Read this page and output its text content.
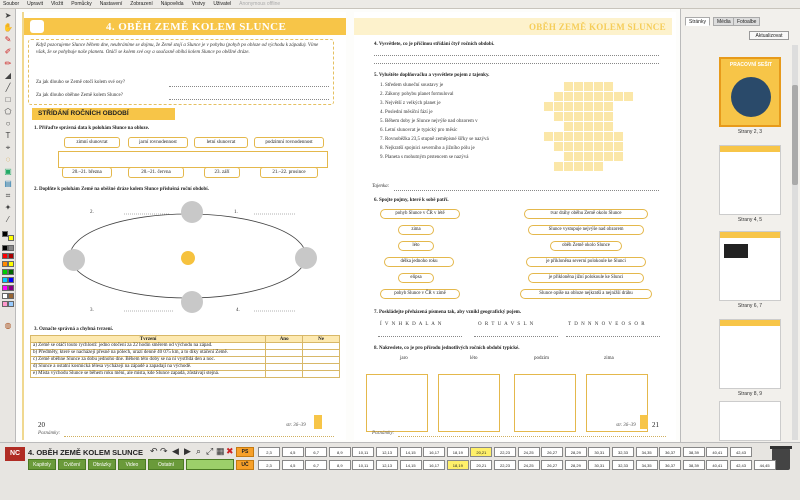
Soubor Upravit Vložit Pomůcky Nastavení Zobrazení Nápověda Vrstvy Uživatel Anonymous offline
➤
✋
✎
✐
✏
◢
╱
□
⬠
○
T
⌖
◌
▣
▤
⌗
✦
⁄
◍
4. OBĚH ZEMĚ KOLEM SLUNCE
Když pozorujeme Slunce během dne, neubráníme se dojmu, že Země stojí a Slunce je v pohybu (pohyb po obloze od východu k západu). Víme však, že se pohybuje naše planeta. Otáčí se kolem své osy a současně obíhá kolem Slunce po oběžné dráze.
Za jak dlouho se Země otočí kolem své osy?
Za jak dlouho oběhne Země kolem Slunce?
STŘÍDÁNÍ ROČNÍCH OBDOBÍ
1. Přiřaďte správná data k polohám Slunce na obloze.
zimní slunovrat	jarní rovnodennost	letní slunovrat	podzimní rovnodennost
20.–21. března	20.–21. června	23. září	21.–22. prosince
2. Doplňte k polohám Země na oběžné dráze kolem Slunce příslušná roční období.
2.	1.
3.	4.
3. Označte správná a chybná tvrzení.
Tvrzení	Ano	Ne
a) Země se otáčí touto rychlostí: jedno otočení za 22 hodin směrem od východu na západ.		
b) Předměty, které se nacházejí přesně na pólech, urazí denně 40 075 km, a to díky otáčení Země.		
c) Země oběhne Slunce za dobu jednoho dne. Během této doby se na ní vystřídá den a noc.		
d) Slunce a ostatní kosmická tělesa vycházejí na západě a zapadají na východě.		
e) Místa východu Slunce se během roku mění, ale místa, kde Slunce zapadá, zůstávají stejná.		
Poznámky:
20	str. 36–39
OBĚH ZEMĚ KOLEM SLUNCE
4. Vysvětlete, co je příčinou střídání čtyř ročních období.
5. Vyluštěte doplňovačku a vysvětlete pojem z tajenky.
1. Středem sluneční soustavy je
2. Zákony pohybu planet formuloval
3. Největší z velkých planet je
4. Poslední měsíční fází je
5. Během doby je Slunce nejvýše nad obzorem v
6. Letní slunovrat je typický pro měsíc
7. Rovnoběžka 23,5 stupně zeměpisné šířky se nazývá
8. Nejkratší spojnici severního a jižního pólu je
9. Planeta s mohutným prstencem se nazývá
Tajenka:
6. Spojte pojmy, které k sobě patří.
pohyb Slunce v ČR v létě
zima
léto
délka jednoho roku
elipsa
pohyb Slunce v ČR v zimě
tvar dráhy oběhu Země okolo Slunce
Slunce vystupuje nejvýše nad obzorem
oběh Země okolo Slunce
je přikloněna severní polokoule ke Slunci
je přikloněna jižní polokoule ke Slunci
Slunce opíše na obloze nejkratší a nejnižší dráhu
7. Poskládejte přeházená písmena tak, aby vznikl geografický pojem.
Í V N H K D A L A N	O R T U A V S L N	T D N N N O V E O S O R
8. Nakreslete, co je pro přírodu jednotlivých ročních období typické.
jaro	léto	podzim	zima
Poznámky:
str. 36–39 21
Stránky	Média	Fotoalbe
Aktualizovat
PRACOVNÍ SEŠIT
Strany 2, 3
Strany 4, 5
Strany 6, 7
Strany 8, 9
NC	4. OBĚH ZEMĚ KOLEM SLUNCE ↶ ↷ ◀ ▶ ⌕ ⤢ ▦ ✖
Kapitoly	Cvičení	Obrázky	Video	Ostatní
PS
UČ
2,3	4,5	6,7	8,9	10,11	12,13	14,15	16,17	18,19	20,21	22,23	24,25	26,27	28,29	30,31	32,33	34,35	36,37	38,39	40,41	42,43
2,3	4,5	6,7	8,9	10,11	12,13	14,15	16,17	18,19	20,21	22,23	24,25	26,27	28,29	30,31	32,33	34,35	36,37	38,39	40,41	42,43	44,45
